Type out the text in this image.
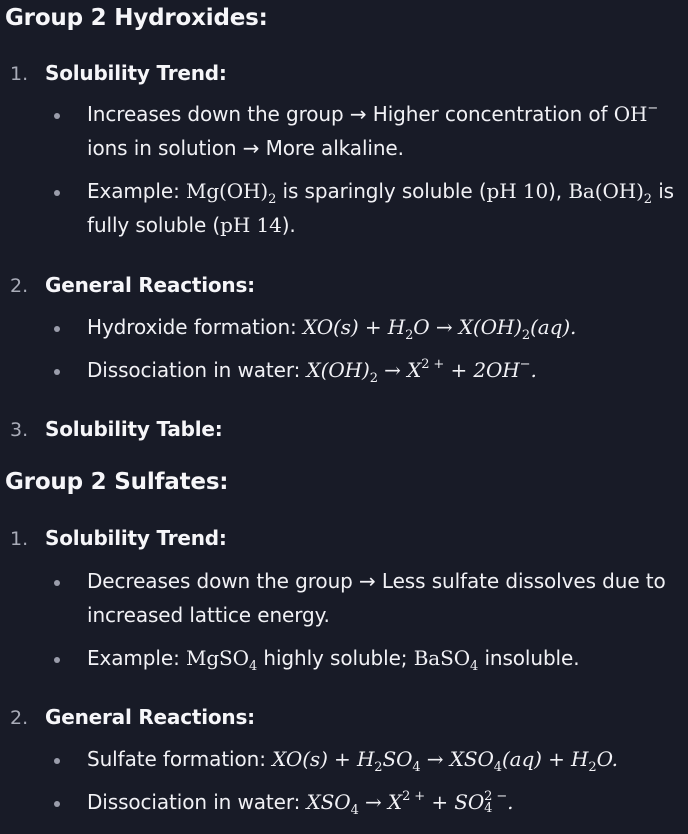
Group 2 Hydroxides:
1. Solubility Trend:
Increases down the group → Higher concentration of OH−
ions in solution → More alkaline.
Example: $Mg(OH)_2$ is sparingly soluble (pH 10), $Ba(OH)_2$ is
fully soluble (pH 14).
2. General Reactions:
Hydroxide formation: $XO(s) + H_2O \to X(OH)_2(aq)$.
Dissociation in water: $X(OH)_2 \to X^{2 +} + 2OH^-$.
3. Solubility Table:
Group 2 Sulfates:
1. Solubility Trend:
Decreases down the group → Less sulfate dissolves due to
increased lattice energy.
Example: MgSO$_4$ highly soluble; BaSO$_4$ insoluble.
2. General Reactions:
Sulfate formation: $XO(s) + H_2SO_4 \to XSO_4(aq) + H_2O$.
Dissociation in water: $XSO_4 \to X^{2 +}$ + SO 2 −
4 .
